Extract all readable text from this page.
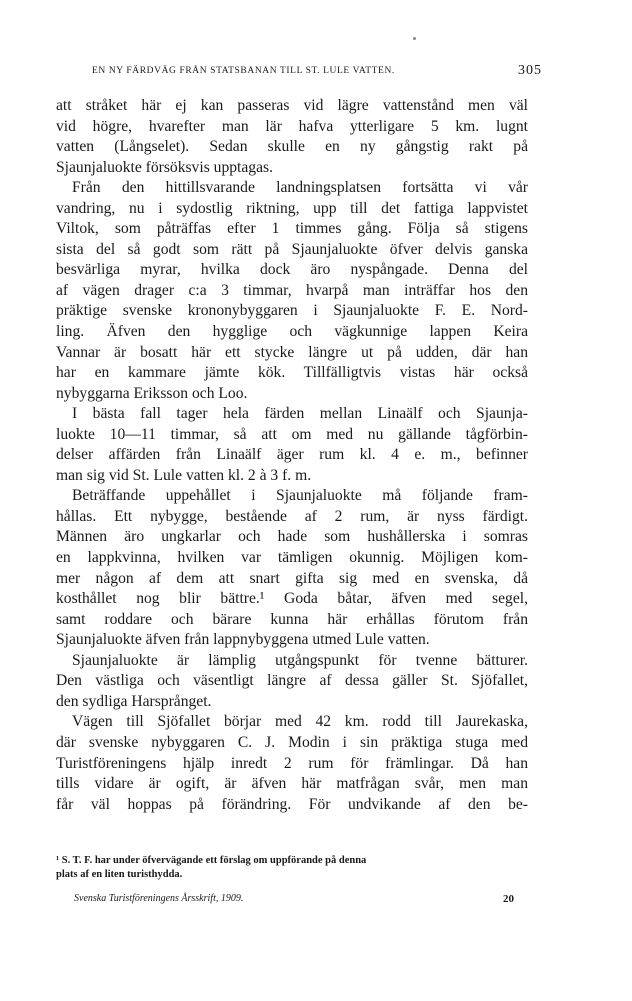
EN NY FÄRDVÄG FRÅN STATSBANAN TILL ST. LULE VATTEN.	305
att stråket här ej kan passeras vid lägre vattenstånd men väl
vid högre, hvarefter man lär hafva ytterligare 5 km. lugnt
vatten (Långselet). Sedan skulle en ny gångstig rakt på
Sjaunjaluokte försöksvis upptagas.
Från den hittillsvarande landningsplatsen fortsätta vi vår
vandring, nu i sydostlig riktning, upp till det fattiga lappvistet
Viltok, som påträffas efter 1 timmes gång. Följa så stigens
sista del så godt som rätt på Sjaunjaluokte öfver delvis ganska
besvärliga myrar, hvilka dock äro nyspångade. Denna del
af vägen drager c:a 3 timmar, hvarpå man inträffar hos den
präktige svenske krononybyggaren i Sjaunjaluokte F. E. Nord-
ling. Äfven den hygglige och vägkunnige lappen Keira
Vannar är bosatt här ett stycke längre ut på udden, där han
har en kammare jämte kök. Tillfälligtvis vistas här också
nybyggarna Eriksson och Loo.
I bästa fall tager hela färden mellan Linaälf och Sjaunja-
luokte 10—11 timmar, så att om med nu gällande tågförbin-
delser affärden från Linaälf äger rum kl. 4 e. m., befinner
man sig vid St. Lule vatten kl. 2 à 3 f. m.
Beträffande uppehållet i Sjaunjaluokte må följande fram-
hållas. Ett nybygge, bestående af 2 rum, är nyss färdigt.
Männen äro ungkarlar och hade som hushållerska i somras
en lappkvinna, hvilken var tämligen okunnig. Möjligen kom-
mer någon af dem att snart gifta sig med en svenska, då
kosthållet nog blir bättre.¹ Goda båtar, äfven med segel,
samt roddare och bärare kunna här erhållas förutom från
Sjaunjaluokte äfven från lappnybyggena utmed Lule vatten.
Sjaunjaluokte är lämplig utgångspunkt för tvenne bätturer.
Den västliga och väsentligt längre af dessa gäller St. Sjöfallet,
den sydliga Harsprånget.
Vägen till Sjöfallet börjar med 42 km. rodd till Jaurekaska,
där svenske nybyggaren C. J. Modin i sin präktiga stuga med
Turistföreningens hjälp inredt 2 rum för främlingar. Då han
tills vidare är ogift, är äfven här matfrågan svår, men man
får väl hoppas på förändring. För undvikande af den be-
¹ S. T. F. har under öfvervägande ett förslag om uppförande på denna
plats af en liten turisthydda.
Svenska Turistföreningens Årsskrift, 1909.	20
